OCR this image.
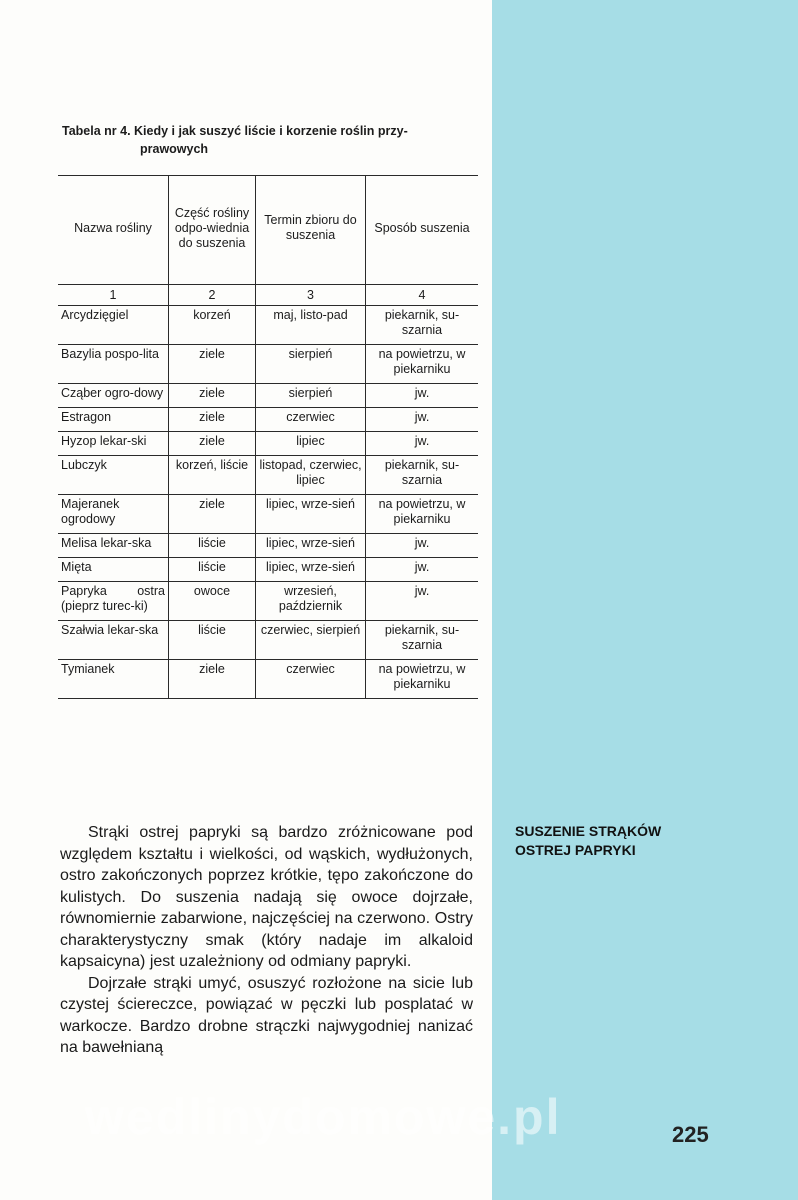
Tabela nr 4. Kiedy i jak suszyć liście i korzenie roślin przy-
prawowych
Nazwa rośliny	Część rośliny odpo-wiednia do suszenia	Termin zbioru do suszenia	Sposób suszenia
1	2	3	4
Arcydzięgiel	korzeń	maj, listo-pad	piekarnik, su-szarnia
Bazylia pospo-lita	ziele	sierpień	na powietrzu, w piekarniku
Cząber ogro-dowy	ziele	sierpień	jw.
Estragon	ziele	czerwiec	jw.
Hyzop lekar-ski	ziele	lipiec	jw.
Lubczyk	korzeń, liście	listopad, czerwiec, lipiec	piekarnik, su-szarnia
Majeranek ogrodowy	ziele	lipiec, wrze-sień	na powietrzu, w piekarniku
Melisa lekar-ska	liście	lipiec, wrze-sień	jw.
Mięta	liście	lipiec, wrze-sień	jw.
Papryka ostra (pieprz turec-ki)	owoce	wrzesień, październik	jw.
Szałwia lekar-ska	liście	czerwiec, sierpień	piekarnik, su-szarnia
Tymianek	ziele	czerwiec	na powietrzu, w piekarniku

Strąki ostrej papryki są bardzo zróżnicowane pod względem kształtu i wielkości, od wąskich, wydłużonych, ostro zakończonych poprzez krótkie, tępo zakończone do kulistych. Do suszenia nadają się owoce dojrzałe, równomiernie zabarwione, najczęściej na czerwono. Ostry charakterystyczny smak (który nadaje im alkaloid kapsaicyna) jest uzależniony od odmiany papryki.

Dojrzałe strąki umyć, osuszyć rozłożone na sicie lub czystej ściereczce, powiązać w pęczki lub posplatać w warkocze. Bardzo drobne strączki najwygodniej nanizać na bawełnianą

SUSZENIE STRĄKÓW
OSTREJ PAPRYKI
wedlinydomowe.pl	225
